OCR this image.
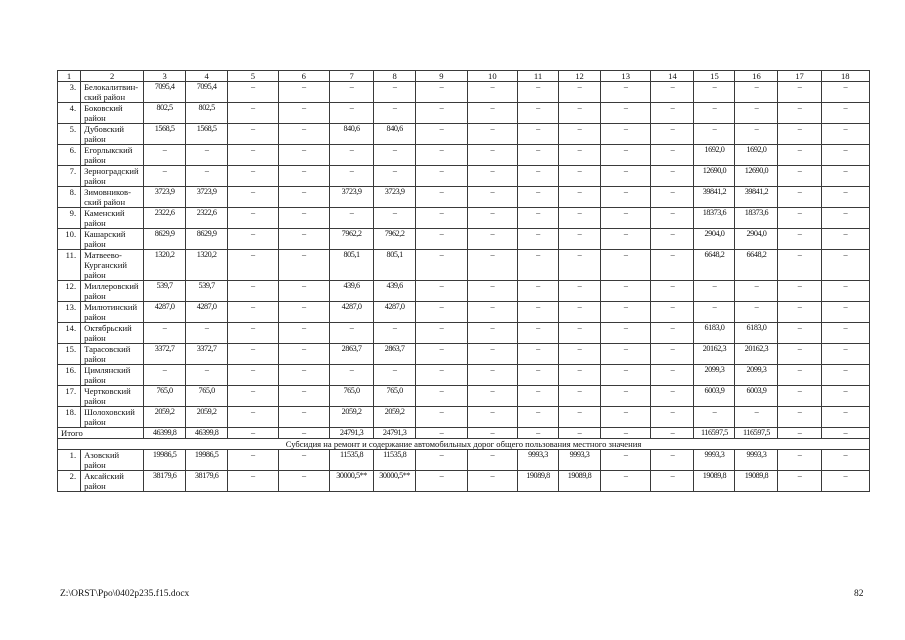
1	2	3	4	5	6	7	8	9	10	11	12	13	14	15	16	17	18
3.	Белокалитвин-ский район	7095,4	7095,4	–	–	–	–	–	–	–	–	–	–	–	–	–	–
4.	Боковский район	802,5	802,5	–	–	–	–	–	–	–	–	–	–	–	–	–	–
5.	Дубовский район	1568,5	1568,5	–	–	840,6	840,6	–	–	–	–	–	–	–	–	–	–
6.	Егорлыкский район	–	–	–	–	–	–	–	–	–	–	–	–	1692,0	1692,0	–	–
7.	Зерноградский район	–	–	–	–	–	–	–	–	–	–	–	–	12690,0	12690,0	–	–
8.	Зимовников-ский район	3723,9	3723,9	–	–	3723,9	3723,9	–	–	–	–	–	–	39841,2	39841,2	–	–
9.	Каменский район	2322,6	2322,6	–	–	–	–	–	–	–	–	–	–	18373,6	18373,6	–	–
10.	Кашарский район	8629,9	8629,9	–	–	7962,2	7962,2	–	–	–	–	–	–	2904,0	2904,0	–	–
11.	Матвеево-Курганский район	1320,2	1320,2	–	–	805,1	805,1	–	–	–	–	–	–	6648,2	6648,2	–	–
12.	Миллеровский район	539,7	539,7	–	–	439,6	439,6	–	–	–	–	–	–	–	–	–	–
13.	Милютинский район	4287,0	4287,0	–	–	4287,0	4287,0	–	–	–	–	–	–	–	–	–	–
14.	Октябрьский район	–	–	–	–	–	–	–	–	–	–	–	–	6183,0	6183,0	–	–
15.	Тарасовский район	3372,7	3372,7	–	–	2863,7	2863,7	–	–	–	–	–	–	20162,3	20162,3	–	–
16.	Цимлянский район	–	–	–	–	–	–	–	–	–	–	–	–	2099,3	2099,3	–	–
17.	Чертковский район	765,0	765,0	–	–	765,0	765,0	–	–	–	–	–	–	6003,9	6003,9	–	–
18.	Шолоховский район	2059,2	2059,2	–	–	2059,2	2059,2	–	–	–	–	–	–	–	–	–	–
Итого		46399,8	46399,8	–	–	24791,3	24791,3	–	–	–	–	–	–	116597,5	116597,5	–	–
Субсидия на ремонт и содержание автомобильных дорог общего пользования местного значения																	
1.	Азовский район	19986,5	19986,5	–	–	11535,8	11535,8	–	–	9993,3	9993,3	–	–	9993,3	9993,3	–	–
2.	Аксайский район	38179,6	38179,6	–	–	30000,5**	30000,5**	–	–	19089,8	19089,8	–	–	19089,8	19089,8	–	–
Z:\ORST\Ppo\0402p235.f15.docx	82
